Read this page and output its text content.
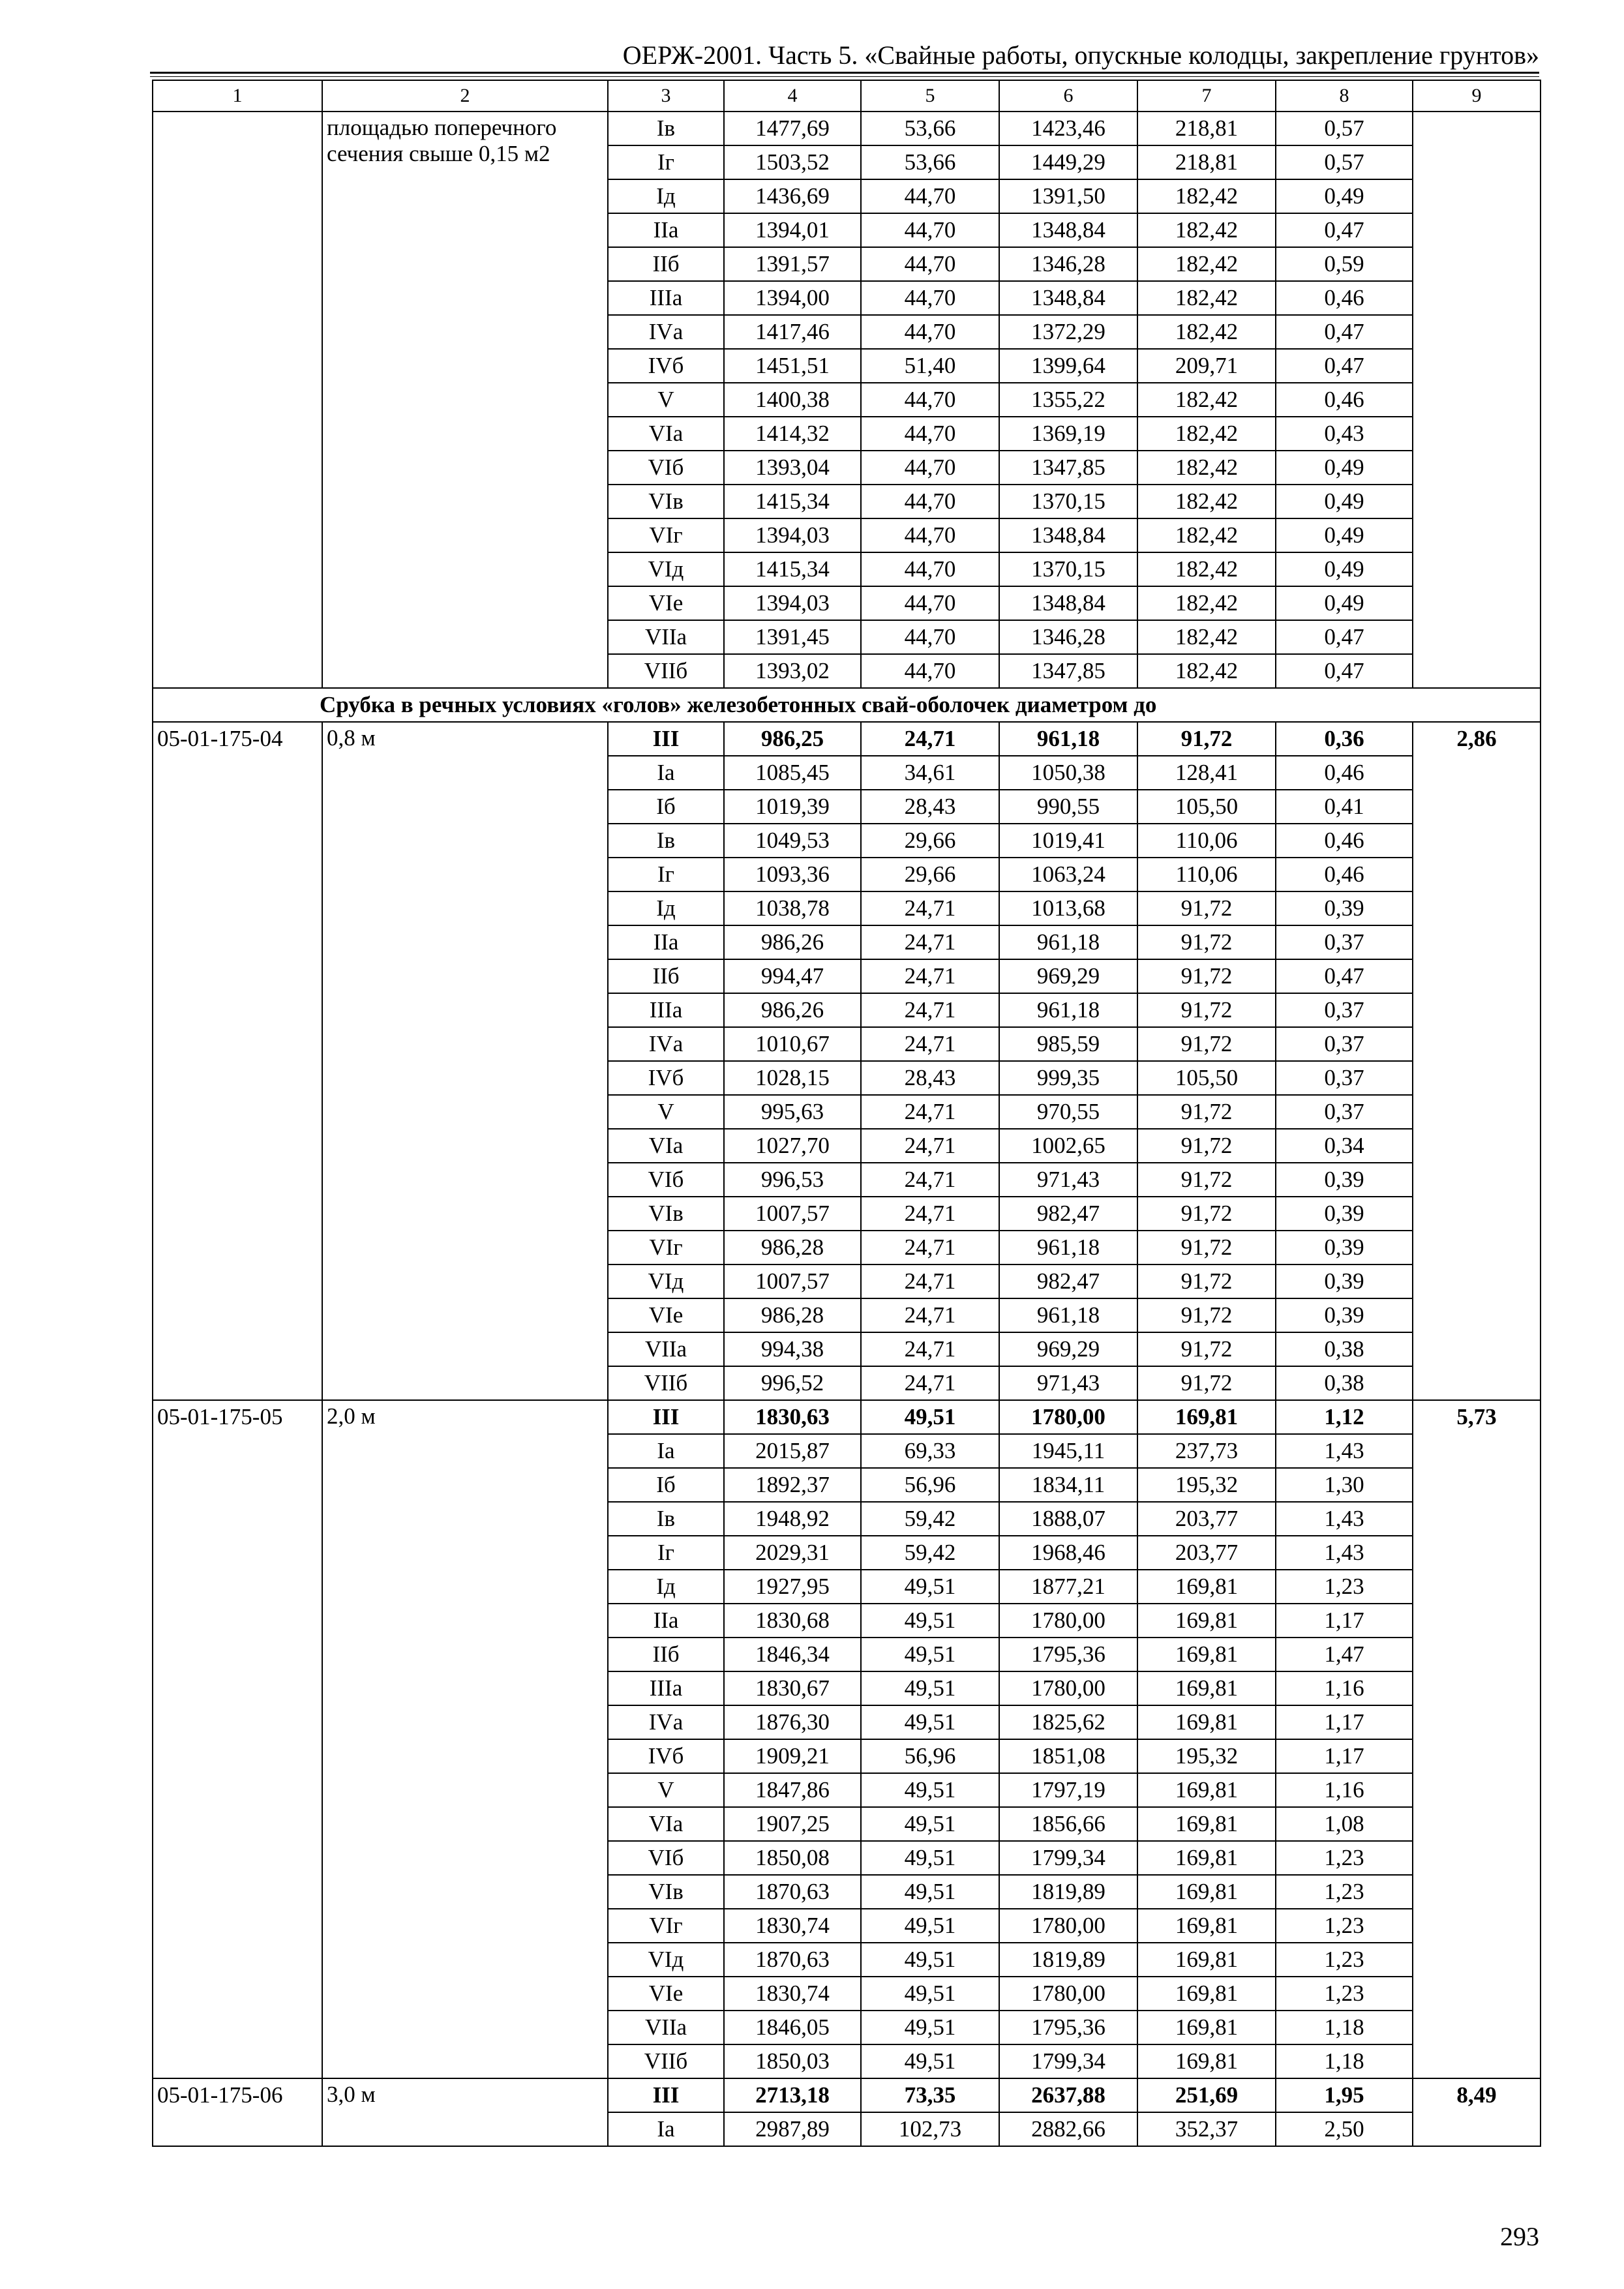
ОЕРЖ-2001. Часть 5. «Свайные работы, опускные колодцы, закрепление грунтов»
1	2	3	4	5	6	7	8	9
	площадью поперечного сечения свыше 0,15 м2	Iв	1477,69	53,66	1423,46	218,81	0,57	
		Iг	1503,52	53,66	1449,29	218,81	0,57	
		Iд	1436,69	44,70	1391,50	182,42	0,49	
		IIа	1394,01	44,70	1348,84	182,42	0,47	
		IIб	1391,57	44,70	1346,28	182,42	0,59	
		IIIа	1394,00	44,70	1348,84	182,42	0,46	
		IVа	1417,46	44,70	1372,29	182,42	0,47	
		IVб	1451,51	51,40	1399,64	209,71	0,47	
		V	1400,38	44,70	1355,22	182,42	0,46	
		VIа	1414,32	44,70	1369,19	182,42	0,43	
		VIб	1393,04	44,70	1347,85	182,42	0,49	
		VIв	1415,34	44,70	1370,15	182,42	0,49	
		VIг	1394,03	44,70	1348,84	182,42	0,49	
		VIд	1415,34	44,70	1370,15	182,42	0,49	
		VIе	1394,03	44,70	1348,84	182,42	0,49	
		VIIа	1391,45	44,70	1346,28	182,42	0,47	
		VIIб	1393,02	44,70	1347,85	182,42	0,47	
Срубка в речных условиях «голов» железобетонных свай-оболочек диаметром до								
05-01-175-04	0,8 м	III	986,25	24,71	961,18	91,72	0,36	2,86
		Iа	1085,45	34,61	1050,38	128,41	0,46	
		Iб	1019,39	28,43	990,55	105,50	0,41	
		Iв	1049,53	29,66	1019,41	110,06	0,46	
		Iг	1093,36	29,66	1063,24	110,06	0,46	
		Iд	1038,78	24,71	1013,68	91,72	0,39	
		IIа	986,26	24,71	961,18	91,72	0,37	
		IIб	994,47	24,71	969,29	91,72	0,47	
		IIIа	986,26	24,71	961,18	91,72	0,37	
		IVа	1010,67	24,71	985,59	91,72	0,37	
		IVб	1028,15	28,43	999,35	105,50	0,37	
		V	995,63	24,71	970,55	91,72	0,37	
		VIа	1027,70	24,71	1002,65	91,72	0,34	
		VIб	996,53	24,71	971,43	91,72	0,39	
		VIв	1007,57	24,71	982,47	91,72	0,39	
		VIг	986,28	24,71	961,18	91,72	0,39	
		VIд	1007,57	24,71	982,47	91,72	0,39	
		VIе	986,28	24,71	961,18	91,72	0,39	
		VIIа	994,38	24,71	969,29	91,72	0,38	
		VIIб	996,52	24,71	971,43	91,72	0,38	
05-01-175-05	2,0 м	III	1830,63	49,51	1780,00	169,81	1,12	5,73
		Iа	2015,87	69,33	1945,11	237,73	1,43	
		Iб	1892,37	56,96	1834,11	195,32	1,30	
		Iв	1948,92	59,42	1888,07	203,77	1,43	
		Iг	2029,31	59,42	1968,46	203,77	1,43	
		Iд	1927,95	49,51	1877,21	169,81	1,23	
		IIа	1830,68	49,51	1780,00	169,81	1,17	
		IIб	1846,34	49,51	1795,36	169,81	1,47	
		IIIа	1830,67	49,51	1780,00	169,81	1,16	
		IVа	1876,30	49,51	1825,62	169,81	1,17	
		IVб	1909,21	56,96	1851,08	195,32	1,17	
		V	1847,86	49,51	1797,19	169,81	1,16	
		VIа	1907,25	49,51	1856,66	169,81	1,08	
		VIб	1850,08	49,51	1799,34	169,81	1,23	
		VIв	1870,63	49,51	1819,89	169,81	1,23	
		VIг	1830,74	49,51	1780,00	169,81	1,23	
		VIд	1870,63	49,51	1819,89	169,81	1,23	
		VIе	1830,74	49,51	1780,00	169,81	1,23	
		VIIа	1846,05	49,51	1795,36	169,81	1,18	
		VIIб	1850,03	49,51	1799,34	169,81	1,18	
05-01-175-06	3,0 м	III	2713,18	73,35	2637,88	251,69	1,95	8,49
		Iа	2987,89	102,73	2882,66	352,37	2,50	
293
